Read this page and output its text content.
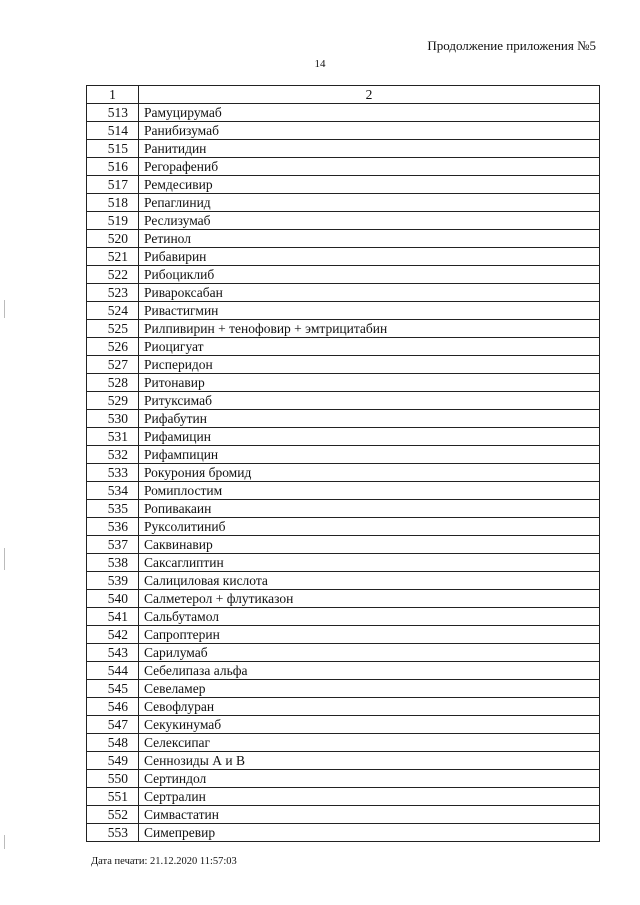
Продолжение приложения №5
14
1	2
513	Рамуцирумаб
514	Ранибизумаб
515	Ранитидин
516	Регорафениб
517	Ремдесивир
518	Репаглинид
519	Реслизумаб
520	Ретинол
521	Рибавирин
522	Рибоциклиб
523	Ривароксабан
524	Ривастигмин
525	Рилпивирин + тенофовир + эмтрицитабин
526	Риоцигуат
527	Рисперидон
528	Ритонавир
529	Ритуксимаб
530	Рифабутин
531	Рифамицин
532	Рифампицин
533	Рокурония бромид
534	Ромиплостим
535	Ропивакаин
536	Руксолитиниб
537	Саквинавир
538	Саксаглиптин
539	Салициловая кислота
540	Салметерол + флутиказон
541	Сальбутамол
542	Сапроптерин
543	Сарилумаб
544	Себелипаза альфа
545	Севеламер
546	Севофлуран
547	Секукинумаб
548	Селексипаг
549	Сеннозиды А и В
550	Сертиндол
551	Сертралин
552	Симвастатин
553	Симепревир
Дата печати: 21.12.2020 11:57:03
